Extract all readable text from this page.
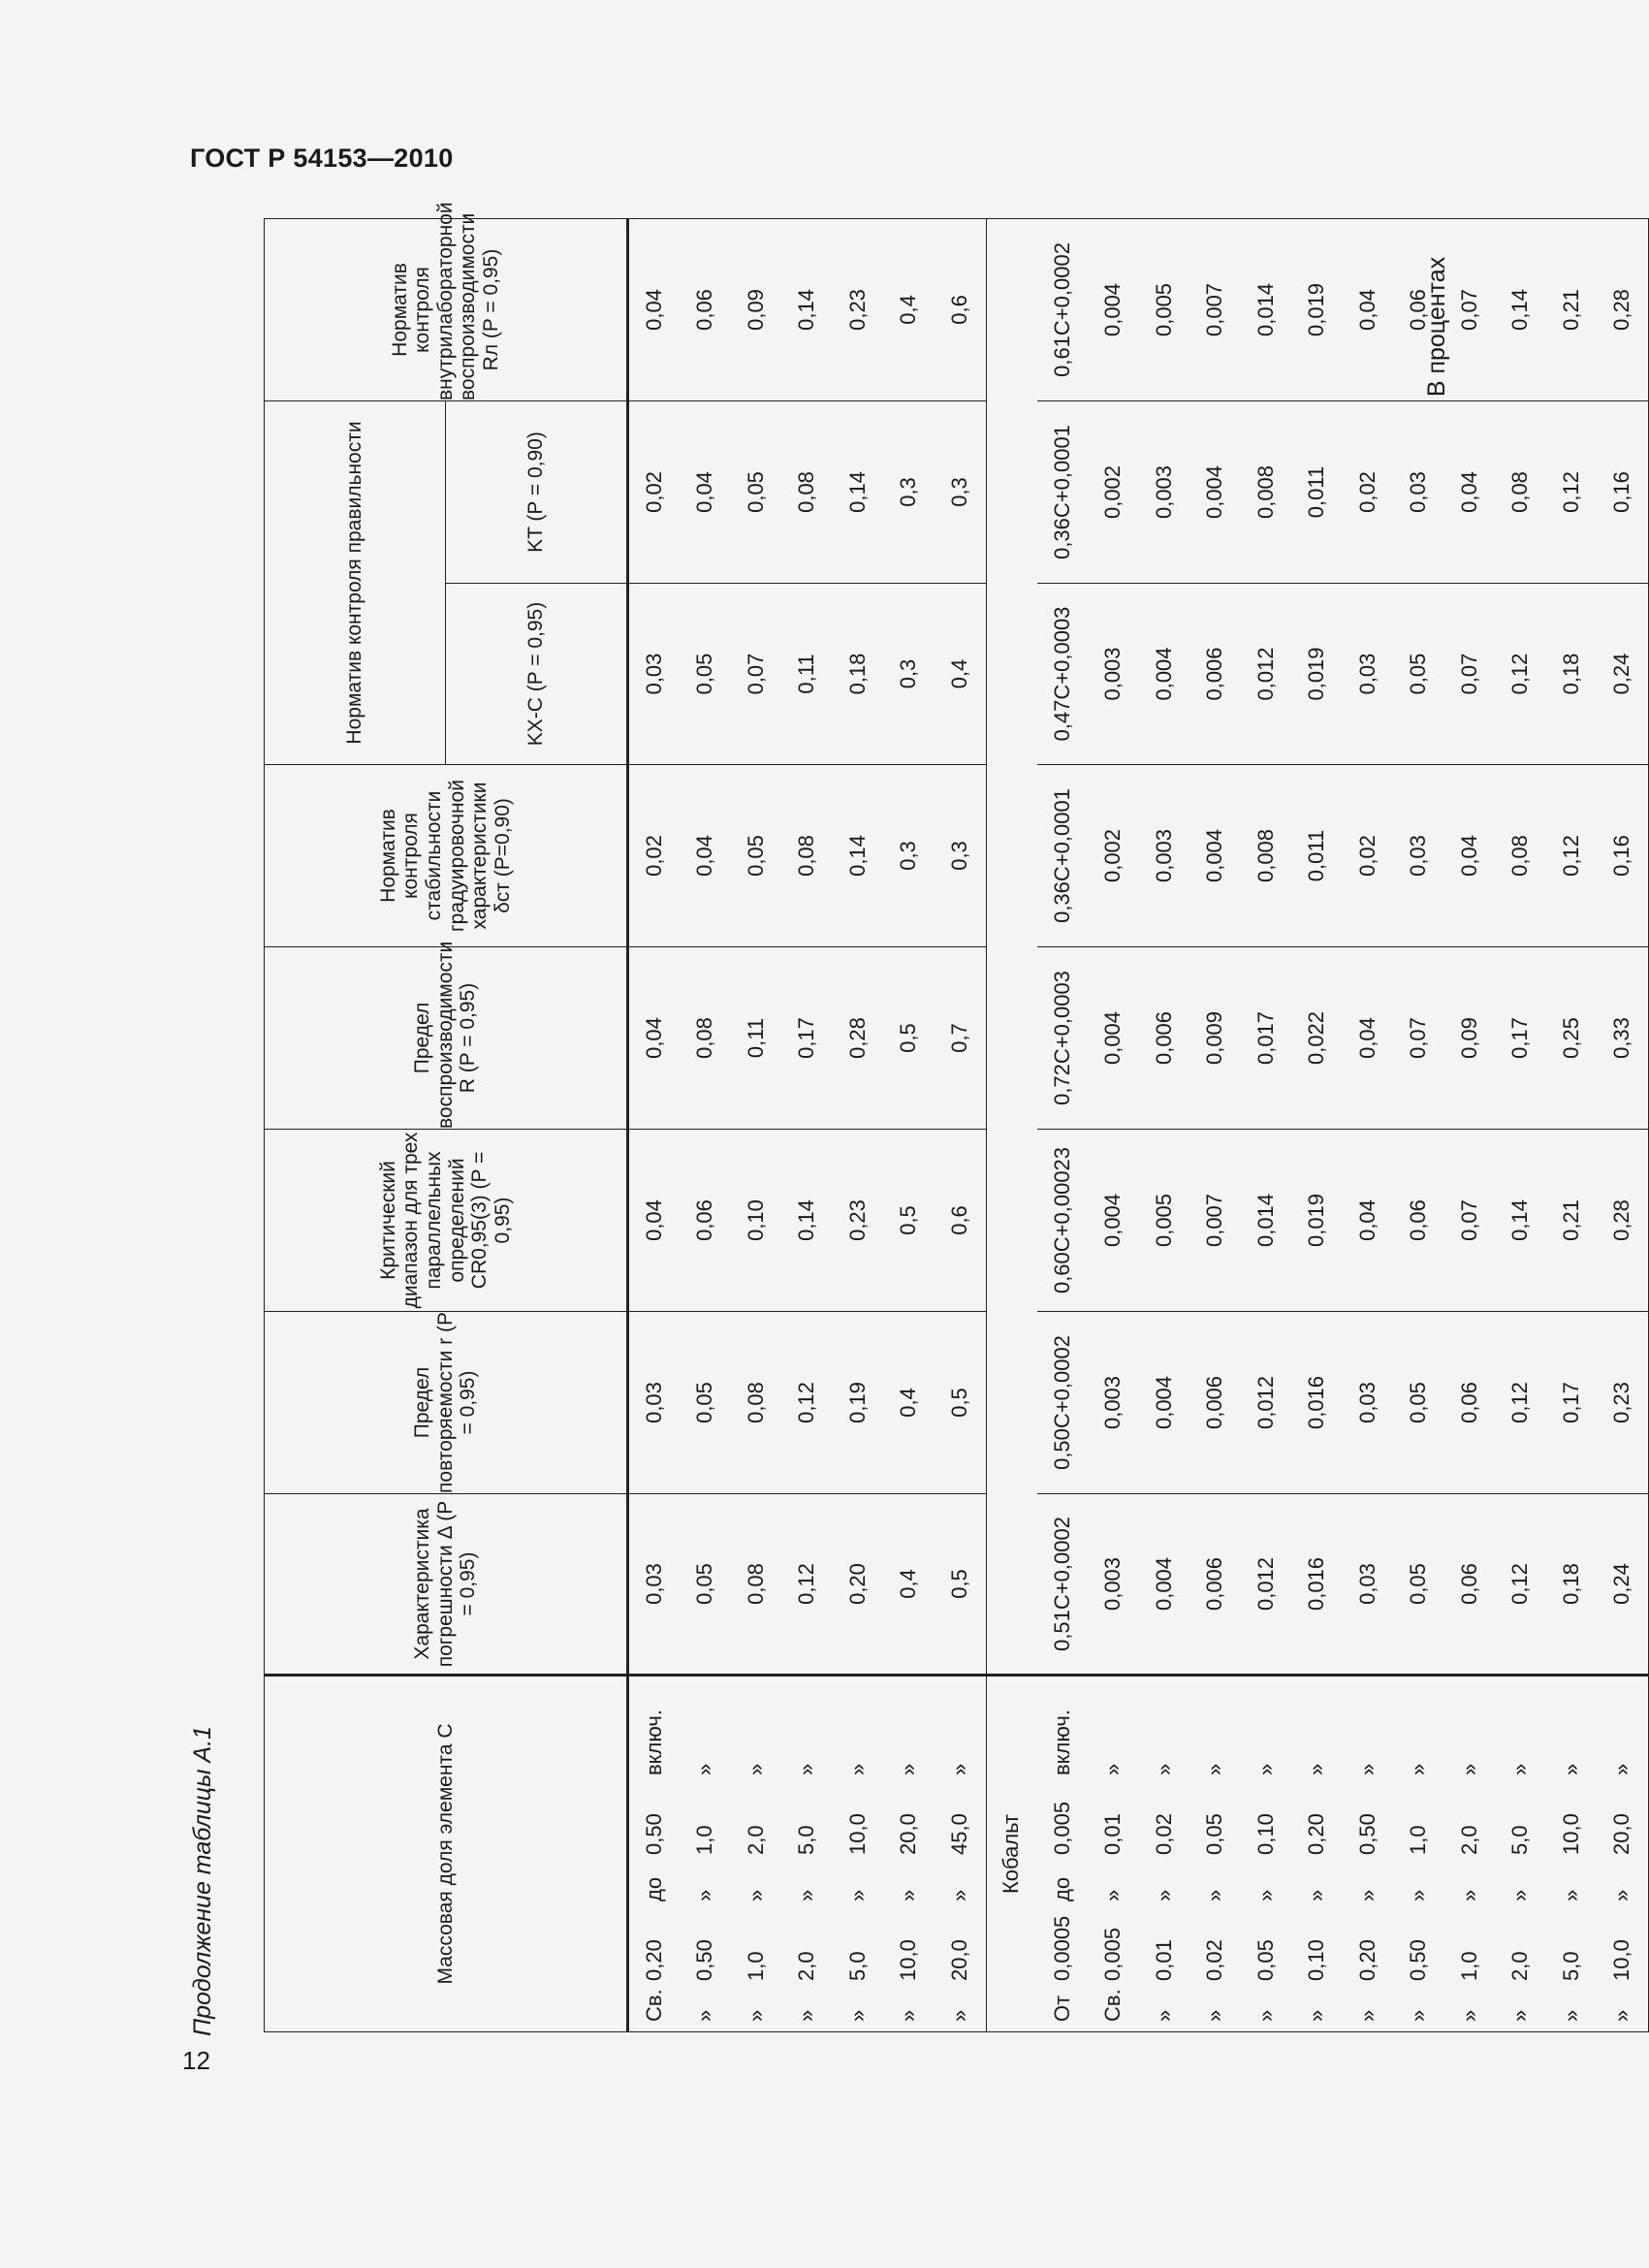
ГОСТ Р 54153—2010
В процентах
Продолжение таблицы А.1
12
Массовая доля элемента С	Характеристика погрешности Δ (P = 0,95)	Предел повторяемости r (P = 0,95)	Критический диапазон для трех параллельных определений CR0,95(3) (P = 0,95)	Предел воспроизводимости R (P = 0,95)	Норматив контроля стабильности градуировочной характеристики δст (P=0,90)	Норматив контроля правильности		Норматив контроля внутрилабораторной воспроизводимости Rл (P = 0,95)
						KX-C (P = 0,95)	KT (P = 0,90)	
Св.0,20до0,50включ.	0,03	0,03	0,04	0,04	0,02	0,03	0,02	0,04
»0,50»1,0»	0,05	0,05	0,06	0,08	0,04	0,05	0,04	0,06
»1,0»2,0»	0,08	0,08	0,10	0,11	0,05	0,07	0,05	0,09
»2,0»5,0»	0,12	0,12	0,14	0,17	0,08	0,11	0,08	0,14
»5,0»10,0»	0,20	0,19	0,23	0,28	0,14	0,18	0,14	0,23
»10,0»20,0»	0,4	0,4	0,5	0,5	0,3	0,3	0,3	0,4
»20,0»45,0»	0,5	0,5	0,6	0,7	0,3	0,4	0,3	0,6
Кобальт								
От0,0005до0,005включ.	0,51C+0,0002	0,50C+0,0002	0,60C+0,00023	0,72C+0,0003	0,36C+0,0001	0,47C+0,0003	0,36C+0,0001	0,61C+0,0002
Св.0,005»0,01»	0,003	0,003	0,004	0,004	0,002	0,003	0,002	0,004
»0,01»0,02»	0,004	0,004	0,005	0,006	0,003	0,004	0,003	0,005
»0,02»0,05»	0,006	0,006	0,007	0,009	0,004	0,006	0,004	0,007
»0,05»0,10»	0,012	0,012	0,014	0,017	0,008	0,012	0,008	0,014
»0,10»0,20»	0,016	0,016	0,019	0,022	0,011	0,019	0,011	0,019
»0,20»0,50»	0,03	0,03	0,04	0,04	0,02	0,03	0,02	0,04
»0,50»1,0»	0,05	0,05	0,06	0,07	0,03	0,05	0,03	0,06
»1,0»2,0»	0,06	0,06	0,07	0,09	0,04	0,07	0,04	0,07
»2,0»5,0»	0,12	0,12	0,14	0,17	0,08	0,12	0,08	0,14
»5,0»10,0»	0,18	0,17	0,21	0,25	0,12	0,18	0,12	0,21
»10,0»20,0»	0,24	0,23	0,28	0,33	0,16	0,24	0,16	0,28
